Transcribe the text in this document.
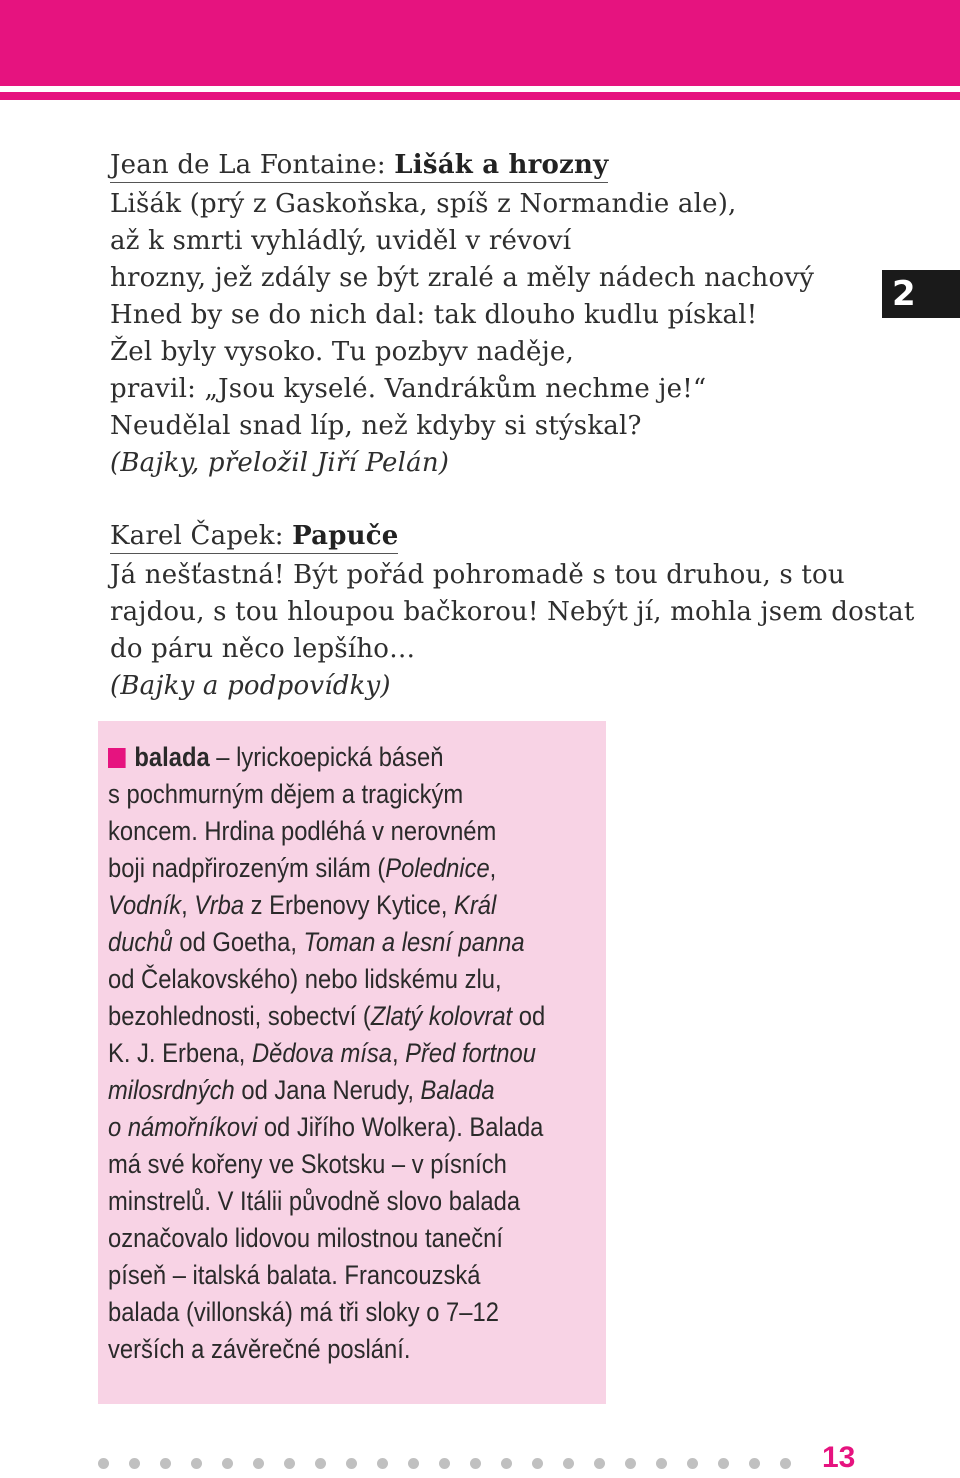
2
Jean de La Fontaine: Lišák a hrozny
Lišák (prý z Gaskoňska, spíš z Normandie ale),
až k smrti vyhládlý, uviděl v révoví
hrozny, jež zdály se být zralé a měly nádech nachový
Hned by se do nich dal: tak dlouho kudlu pískal!
Žel byly vysoko. Tu pozbyv naděje,
pravil: „Jsou kyselé. Vandrákům nechme je!“
Neudělal snad líp, než kdyby si stýskal?
(Bajky, přeložil Jiří Pelán)
Karel Čapek: Papuče
Já nešťastná! Být pořád pohromadě s tou druhou, s tou
rajdou, s tou hloupou bačkorou! Nebýt jí, mohla jsem dostat
do páru něco lepšího…
(Bajky a podpovídky)
balada – lyrickoepická báseň
s pochmurným dějem a tragickým
koncem. Hrdina podléhá v nerovném
boji nadpřirozeným silám (Polednice,
Vodník, Vrba z Erbenovy Kytice, Král
duchů od Goetha, Toman a lesní panna
od Čelakovského) nebo lidskému zlu,
bezohlednosti, sobectví (Zlatý kolovrat od
K. J. Erbena, Dědova mísa, Před fortnou
milosrdných od Jana Nerudy, Balada
o námořníkovi od Jiřího Wolkera). Balada
má své kořeny ve Skotsku – v písních
minstrelů. V Itálii původně slovo balada
označovalo lidovou milostnou taneční
píseň – italská balata. Francouzská
balada (villonská) má tři sloky o 7–12
verších a závěrečné poslání.
13
